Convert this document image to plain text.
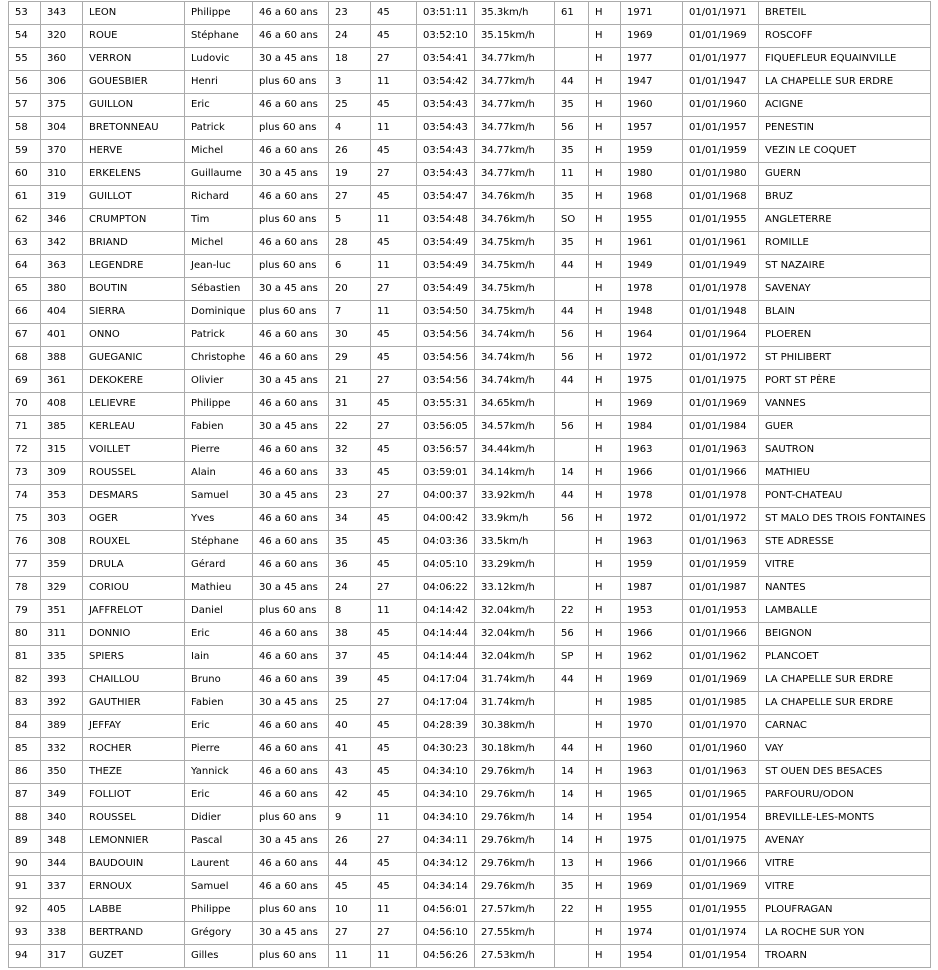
53	343	LEON	Philippe	46 a 60 ans	23	45	03:51:11	35.3km/h	61	H	1971	01/01/1971	BRETEIL
54	320	ROUE	Stéphane	46 a 60 ans	24	45	03:52:10	35.15km/h		H	1969	01/01/1969	ROSCOFF
55	360	VERRON	Ludovic	30 a 45 ans	18	27	03:54:41	34.77km/h		H	1977	01/01/1977	FIQUEFLEUR EQUAINVILLE
56	306	GOUESBIER	Henri	plus 60 ans	3	11	03:54:42	34.77km/h	44	H	1947	01/01/1947	LA CHAPELLE SUR ERDRE
57	375	GUILLON	Eric	46 a 60 ans	25	45	03:54:43	34.77km/h	35	H	1960	01/01/1960	ACIGNE
58	304	BRETONNEAU	Patrick	plus 60 ans	4	11	03:54:43	34.77km/h	56	H	1957	01/01/1957	PENESTIN
59	370	HERVE	Michel	46 a 60 ans	26	45	03:54:43	34.77km/h	35	H	1959	01/01/1959	VEZIN LE COQUET
60	310	ERKELENS	Guillaume	30 a 45 ans	19	27	03:54:43	34.77km/h	11	H	1980	01/01/1980	GUERN
61	319	GUILLOT	Richard	46 a 60 ans	27	45	03:54:47	34.76km/h	35	H	1968	01/01/1968	BRUZ
62	346	CRUMPTON	Tim	plus 60 ans	5	11	03:54:48	34.76km/h	SO	H	1955	01/01/1955	ANGLETERRE
63	342	BRIAND	Michel	46 a 60 ans	28	45	03:54:49	34.75km/h	35	H	1961	01/01/1961	ROMILLE
64	363	LEGENDRE	Jean-luc	plus 60 ans	6	11	03:54:49	34.75km/h	44	H	1949	01/01/1949	ST NAZAIRE
65	380	BOUTIN	Sébastien	30 a 45 ans	20	27	03:54:49	34.75km/h		H	1978	01/01/1978	SAVENAY
66	404	SIERRA	Dominique	plus 60 ans	7	11	03:54:50	34.75km/h	44	H	1948	01/01/1948	BLAIN
67	401	ONNO	Patrick	46 a 60 ans	30	45	03:54:56	34.74km/h	56	H	1964	01/01/1964	PLOEREN
68	388	GUEGANIC	Christophe	46 a 60 ans	29	45	03:54:56	34.74km/h	56	H	1972	01/01/1972	ST PHILIBERT
69	361	DEKOKERE	Olivier	30 a 45 ans	21	27	03:54:56	34.74km/h	44	H	1975	01/01/1975	PORT ST PÈRE
70	408	LELIEVRE	Philippe	46 a 60 ans	31	45	03:55:31	34.65km/h		H	1969	01/01/1969	VANNES
71	385	KERLEAU	Fabien	30 a 45 ans	22	27	03:56:05	34.57km/h	56	H	1984	01/01/1984	GUER
72	315	VOILLET	Pierre	46 a 60 ans	32	45	03:56:57	34.44km/h		H	1963	01/01/1963	SAUTRON
73	309	ROUSSEL	Alain	46 a 60 ans	33	45	03:59:01	34.14km/h	14	H	1966	01/01/1966	MATHIEU
74	353	DESMARS	Samuel	30 a 45 ans	23	27	04:00:37	33.92km/h	44	H	1978	01/01/1978	PONT-CHATEAU
75	303	OGER	Yves	46 a 60 ans	34	45	04:00:42	33.9km/h	56	H	1972	01/01/1972	ST MALO DES TROIS FONTAINES
76	308	ROUXEL	Stéphane	46 a 60 ans	35	45	04:03:36	33.5km/h		H	1963	01/01/1963	STE ADRESSE
77	359	DRULA	Gérard	46 a 60 ans	36	45	04:05:10	33.29km/h		H	1959	01/01/1959	VITRE
78	329	CORIOU	Mathieu	30 a 45 ans	24	27	04:06:22	33.12km/h		H	1987	01/01/1987	NANTES
79	351	JAFFRELOT	Daniel	plus 60 ans	8	11	04:14:42	32.04km/h	22	H	1953	01/01/1953	LAMBALLE
80	311	DONNIO	Eric	46 a 60 ans	38	45	04:14:44	32.04km/h	56	H	1966	01/01/1966	BEIGNON
81	335	SPIERS	Iain	46 a 60 ans	37	45	04:14:44	32.04km/h	SP	H	1962	01/01/1962	PLANCOET
82	393	CHAILLOU	Bruno	46 a 60 ans	39	45	04:17:04	31.74km/h	44	H	1969	01/01/1969	LA CHAPELLE SUR ERDRE
83	392	GAUTHIER	Fabien	30 a 45 ans	25	27	04:17:04	31.74km/h		H	1985	01/01/1985	LA CHAPELLE SUR ERDRE
84	389	JEFFAY	Eric	46 a 60 ans	40	45	04:28:39	30.38km/h		H	1970	01/01/1970	CARNAC
85	332	ROCHER	Pierre	46 a 60 ans	41	45	04:30:23	30.18km/h	44	H	1960	01/01/1960	VAY
86	350	THEZE	Yannick	46 a 60 ans	43	45	04:34:10	29.76km/h	14	H	1963	01/01/1963	ST OUEN DES BESACES
87	349	FOLLIOT	Eric	46 a 60 ans	42	45	04:34:10	29.76km/h	14	H	1965	01/01/1965	PARFOURU/ODON
88	340	ROUSSEL	Didier	plus 60 ans	9	11	04:34:10	29.76km/h	14	H	1954	01/01/1954	BREVILLE-LES-MONTS
89	348	LEMONNIER	Pascal	30 a 45 ans	26	27	04:34:11	29.76km/h	14	H	1975	01/01/1975	AVENAY
90	344	BAUDOUIN	Laurent	46 a 60 ans	44	45	04:34:12	29.76km/h	13	H	1966	01/01/1966	VITRE
91	337	ERNOUX	Samuel	46 a 60 ans	45	45	04:34:14	29.76km/h	35	H	1969	01/01/1969	VITRE
92	405	LABBE	Philippe	plus 60 ans	10	11	04:56:01	27.57km/h	22	H	1955	01/01/1955	PLOUFRAGAN
93	338	BERTRAND	Grégory	30 a 45 ans	27	27	04:56:10	27.55km/h		H	1974	01/01/1974	LA ROCHE SUR YON
94	317	GUZET	Gilles	plus 60 ans	11	11	04:56:26	27.53km/h		H	1954	01/01/1954	TROARN
